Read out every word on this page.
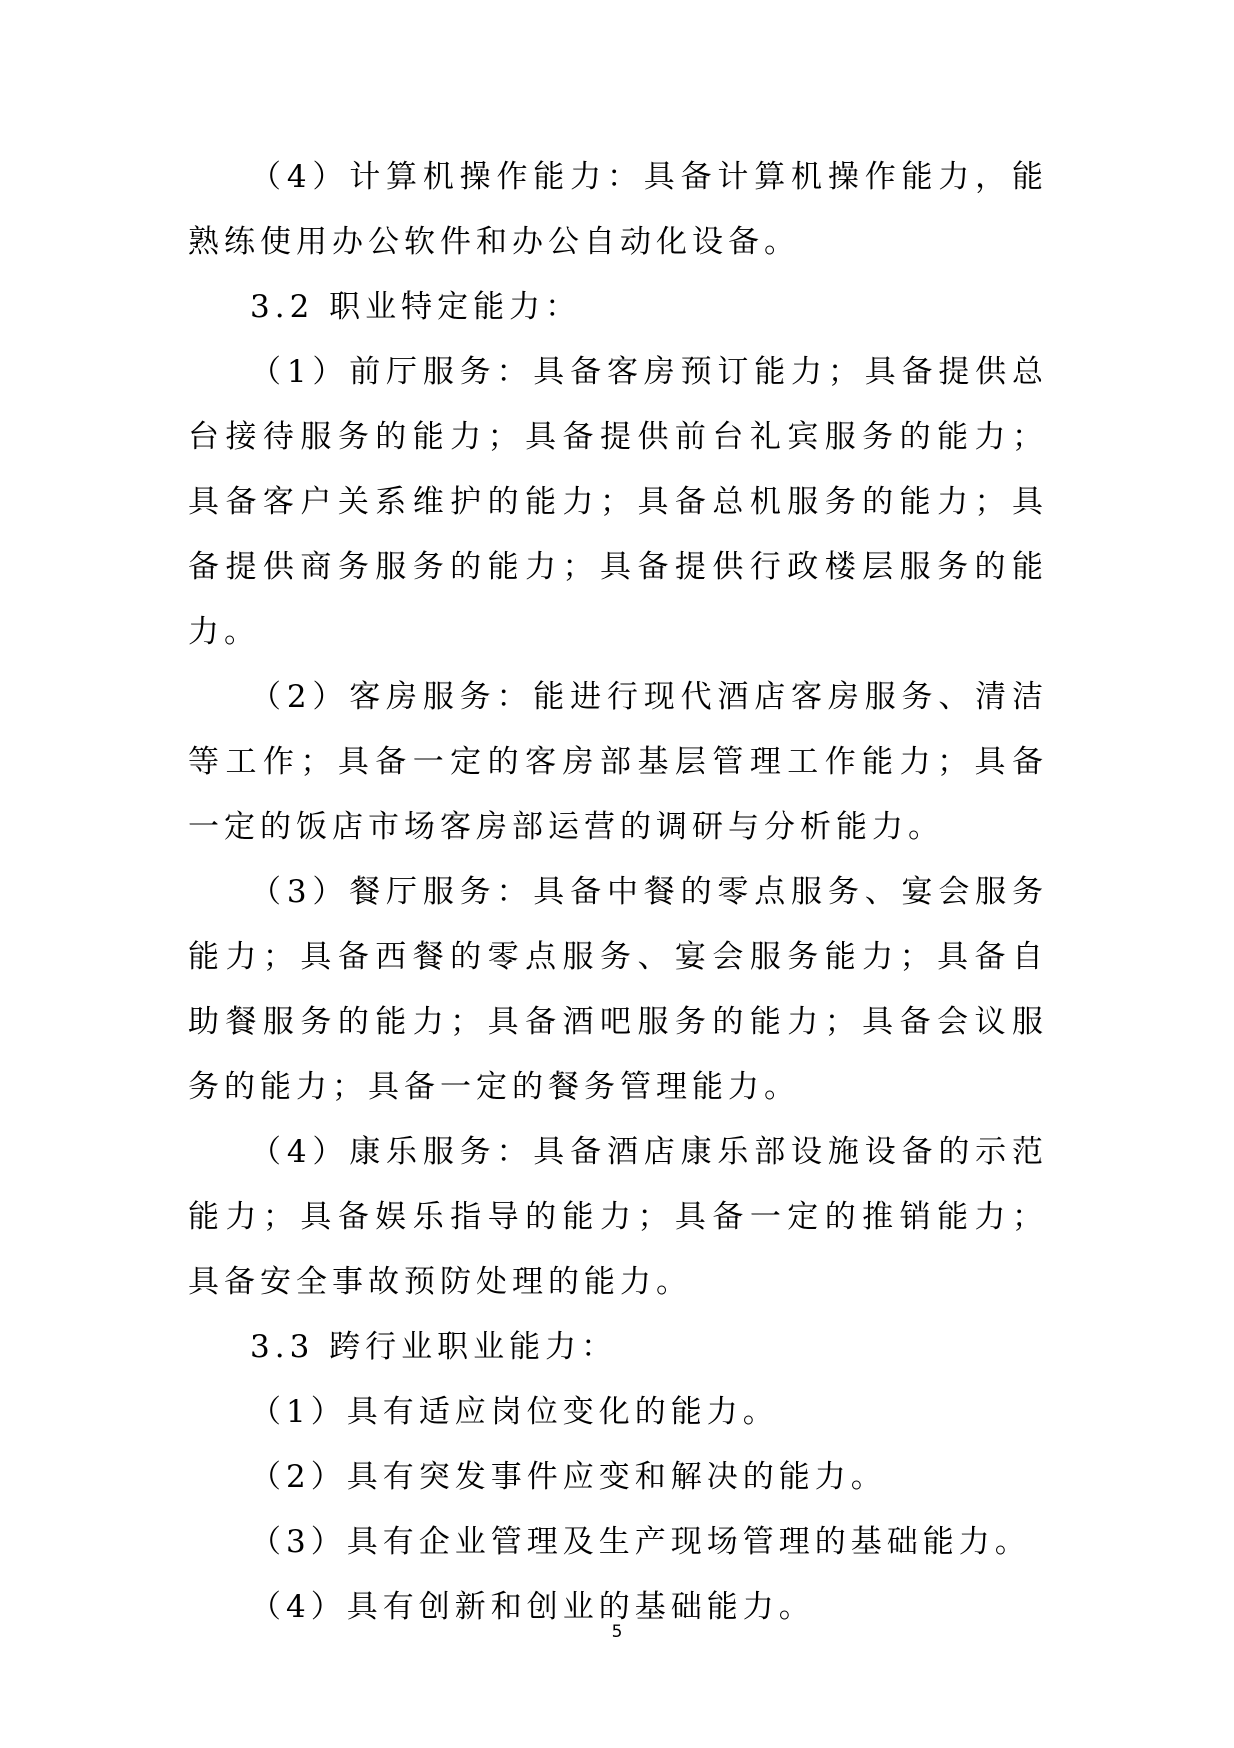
（4）计算机操作能力：具备计算机操作能力，能熟练使用办公软件和办公自动化设备。

3.2 职业特定能力：

（1）前厅服务：具备客房预订能力；具备提供总台接待服务的能力；具备提供前台礼宾服务的能力；具备客户关系维护的能力；具备总机服务的能力；具备提供商务服务的能力；具备提供行政楼层服务的能力。

（2）客房服务：能进行现代酒店客房服务、清洁等工作；具备一定的客房部基层管理工作能力；具备一定的饭店市场客房部运营的调研与分析能力。

（3）餐厅服务：具备中餐的零点服务、宴会服务能力；具备西餐的零点服务、宴会服务能力；具备自助餐服务的能力；具备酒吧服务的能力；具备会议服务的能力；具备一定的餐务管理能力。

（4）康乐服务：具备酒店康乐部设施设备的示范能力；具备娱乐指导的能力；具备一定的推销能力；具备安全事故预防处理的能力。

3.3 跨行业职业能力：

（1）具有适应岗位变化的能力。

（2）具有突发事件应变和解决的能力。

（3）具有企业管理及生产现场管理的基础能力。

（4）具有创新和创业的基础能力。

5
